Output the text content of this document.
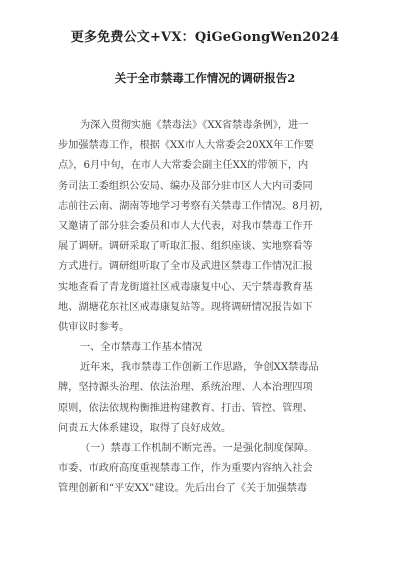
更多免费公文+VX：QiGeGongWen2024
关于全市禁毒工作情况的调研报告2
为深入贯彻实施《禁毒法》《XX省禁毒条例》，进一
步加强禁毒工作，根据《XX市人大常委会20XX年工作要
点》，6月中旬，在市人大常委会副主任XX的带领下，内
务司法工委组织公安局、编办及部分驻市区人大内司委同
志前往云南、湖南等地学习考察有关禁毒工作情况。8月初，
又邀请了部分驻会委员和市人大代表，对我市禁毒工作开
展了调研。调研采取了听取汇报、组织座谈、实地察看等
方式进行。调研组听取了全市及武进区禁毒工作情况汇报
实地查看了青龙街道社区戒毒康复中心、天宁禁毒教育基
地、湖塘花东社区戒毒康复站等。现将调研情况报告如下
供审议时参考。
一、全市禁毒工作基本情况
近年来，我市禁毒工作创新工作思路，争创XX禁毒品
牌，坚持源头治理、依法治理、系统治理、人本治理四项
原则，依法依规构衡推进构建教育、打击、管控、管理、
问责五大体系建设，取得了良好成效。
（一）禁毒工作机制不断完善。一是强化制度保障。
市委、市政府高度重视禁毒工作，作为重要内容纳入社会
管理创新和“平安XX”建设。先后出台了《关于加强禁毒
